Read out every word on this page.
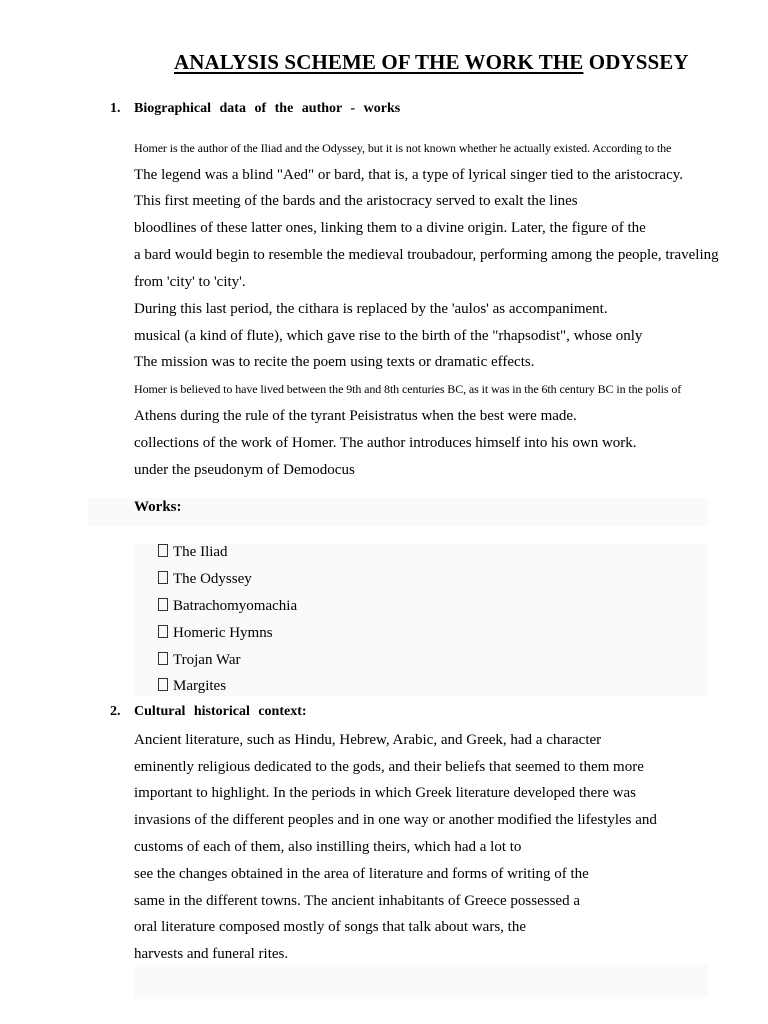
ANALYSIS SCHEME OF THE WORK THE ODYSSEY
1. Biographical data of the author - works
Homer is the author of the Iliad and the Odyssey, but it is not known whether he actually existed. According to the
The legend was a blind "Aed" or bard, that is, a type of lyrical singer tied to the aristocracy.
This first meeting of the bards and the aristocracy served to exalt the lines
bloodlines of these latter ones, linking them to a divine origin. Later, the figure of the
a bard would begin to resemble the medieval troubadour, performing among the people, traveling
from 'city' to 'city'.
During this last period, the cithara is replaced by the 'aulos' as accompaniment.
musical (a kind of flute), which gave rise to the birth of the "rhapsodist", whose only
The mission was to recite the poem using texts or dramatic effects.
Homer is believed to have lived between the 9th and 8th centuries BC, as it was in the 6th century BC in the polis of
Athens during the rule of the tyrant Peisistratus when the best were made.
collections of the work of Homer. The author introduces himself into his own work.
under the pseudonym of Demodocus
Works:
The Iliad
The Odyssey
Batrachomyomachia
Homeric Hymns
Trojan War
Margites
2. Cultural historical context:
Ancient literature, such as Hindu, Hebrew, Arabic, and Greek, had a character
eminently religious dedicated to the gods, and their beliefs that seemed to them more
important to highlight. In the periods in which Greek literature developed there was
invasions of the different peoples and in one way or another modified the lifestyles and
customs of each of them, also instilling theirs, which had a lot to
see the changes obtained in the area of literature and forms of writing of the
same in the different towns. The ancient inhabitants of Greece possessed a
oral literature composed mostly of songs that talk about wars, the
harvests and funeral rites.
